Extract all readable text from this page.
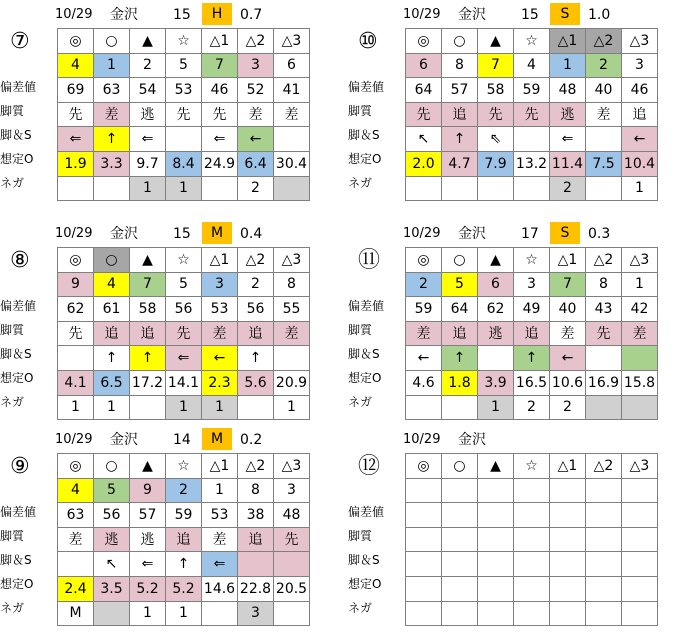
10/29 金沢	15	H	0.7
⑦
偏差値
脚質
脚＆S
想定O
ネガ
◎	○	▲	☆	△1	△2	△3
4	1	2	5	7	3	6
69	63	54	53	46	52	41
先	差	逃	先	先	差	差
⇐	↑	⇐		⇐	←	
1.9	3.3	9.7	8.4	24.9	6.4	30.4
		1	1		2	
10/29 金沢	15	S	1.0
⑩
偏差値
脚質
脚＆S
想定O
ネガ
◎	○	▲	☆	△1	△2	△3
6	8	7	4	1	2	3
64	57	58	59	48	40	46
先	追	先	先	逃	差	追
↖	↑	⇖		⇐		←
2.0	4.7	7.9	13.2	11.4	7.5	10.4
				2		1
10/29 金沢	15	M	0.4
⑧
偏差値
脚質
脚＆S
想定O
ネガ
◎	○	▲	☆	△1	△2	△3
9	4	7	5	3	2	8
62	61	58	56	53	56	55
先	追	追	先	差	追	差
	↑	↑	⇐	←	↑	
4.1	6.5	17.2	14.1	2.3	5.6	20.9
1	1		1	1		1
10/29 金沢	17	S	0.3
⑪
偏差値
脚質
脚＆S
想定O
ネガ
◎	○	▲	☆	△1	△2	△3
2	5	6	3	7	8	1
59	64	62	49	40	43	42
差	追	逃	追	差	先	差
←	↑		↑	←		
4.6	1.8	3.9	16.5	10.6	16.9	15.8
		1	2	2		
10/29 金沢	14	M	0.2
⑨
偏差値
脚質
脚＆S
想定O
ネガ
◎	○	▲	☆	△1	△2	△3
4	5	9	2	1	8	3
63	56	57	59	53	38	48
差	逃	逃	追	差	追	先
	↖	⇐	↑	⇐		
2.4	3.5	5.2	5.2	14.6	22.8	20.5
M		1	1		3	
10/29 金沢
⑫
偏差値
脚質
脚＆S
想定O
ネガ
◎	○	▲	☆	△1	△2	△3
